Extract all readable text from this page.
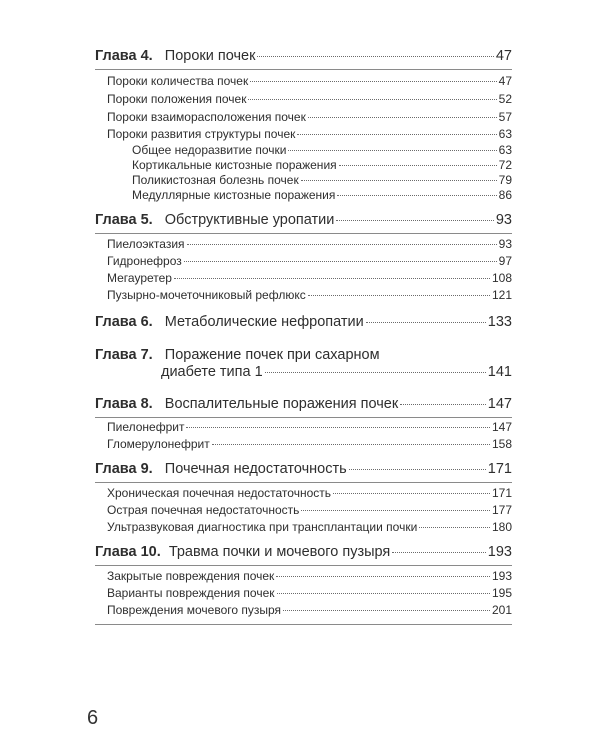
Глава 4. Пороки почек	47
Пороки количества почек	47
Пороки положения почек	52
Пороки взаиморасположения почек	57
Пороки развития структуры почек	63
Общее недоразвитие почки	63
Кортикальные кистозные поражения	72
Поликистозная болезнь почек	79
Медуллярные кистозные поражения	86
Глава 5. Обструктивные уропатии	93
Пиелоэктазия	93
Гидронефроз	97
Мегауретер	108
Пузырно-мочеточниковый рефлюкс	121
Глава 6. Метаболические нефропатии	133
Глава 7. Поражение почек при сахарном
диабете типа 1	141
Глава 8. Воспалительные поражения почек	147
Пиелонефрит	147
Гломерулонефрит	158
Глава 9. Почечная недостаточность	171
Хроническая почечная недостаточность	171
Острая почечная недостаточность	177
Ультразвуковая диагностика при трансплантации почки	180
Глава 10. Травма почки и мочевого пузыря	193
Закрытые повреждения почек	193
Варианты повреждения почек	195
Повреждения мочевого пузыря	201
6
